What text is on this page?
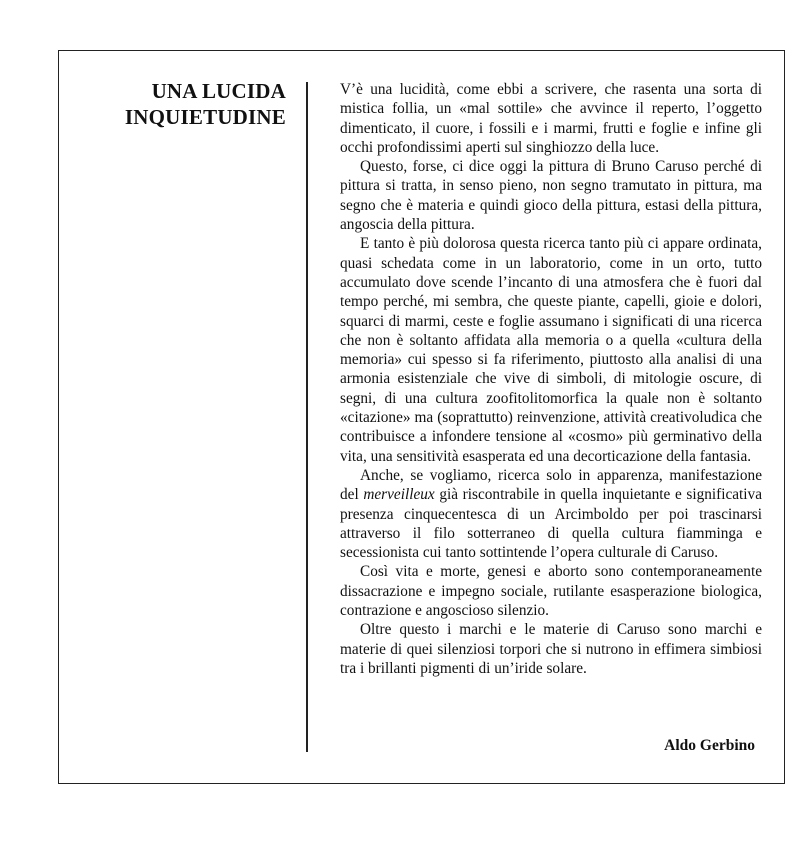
UNA LUCIDA
INQUIETUDINE

V’è una lucidità, come ebbi a scrivere, che rasenta una sorta di mistica follia, un «mal sottile» che avvince il reperto, l’oggetto dimenticato, il cuore, i fossili e i marmi, frutti e foglie e infine gli occhi profondissimi aperti sul singhiozzo della luce.

Questo, forse, ci dice oggi la pittura di Bruno Caruso perché di pittura si tratta, in senso pieno, non segno tramutato in pittura, ma segno che è materia e quindi gioco della pittura, estasi della pittura, angoscia della pittura.

E tanto è più dolorosa questa ricerca tanto più ci appare ordinata, quasi schedata come in un laboratorio, come in un orto, tutto accumulato dove scende l’incanto di una atmosfera che è fuori dal tempo perché, mi sembra, che queste piante, capelli, gioie e dolori, squarci di marmi, ceste e foglie assumano i significati di una ricerca che non è soltanto affidata alla memoria o a quella «cultura della memoria» cui spesso si fa riferimento, piuttosto alla analisi di una armonia esistenziale che vive di simboli, di mitologie oscure, di segni, di una cultura zoofitolitomorfica la quale non è soltanto «citazione» ma (soprattutto) reinvenzione, attività creativoludica che contribuisce a infondere tensione al «cosmo» più germinativo della vita, una sensitività esasperata ed una decorticazione della fantasia.

Anche, se vogliamo, ricerca solo in apparenza, manifestazione del merveilleux già riscontrabile in quella inquietante e significativa presenza cinquecentesca di un Arcimboldo per poi trascinarsi attraverso il filo sotterraneo di quella cultura fiamminga e secessionista cui tanto sottintende l’opera culturale di Caruso.

Così vita e morte, genesi e aborto sono contemporaneamente dissacrazione e impegno sociale, rutilante esasperazione biologica, contrazione e angoscioso silenzio.

Oltre questo i marchi e le materie di Caruso sono marchi e materie di quei silenziosi torpori che si nutrono in effimera simbiosi tra i brillanti pigmenti di un’iride solare.

Aldo Gerbino
